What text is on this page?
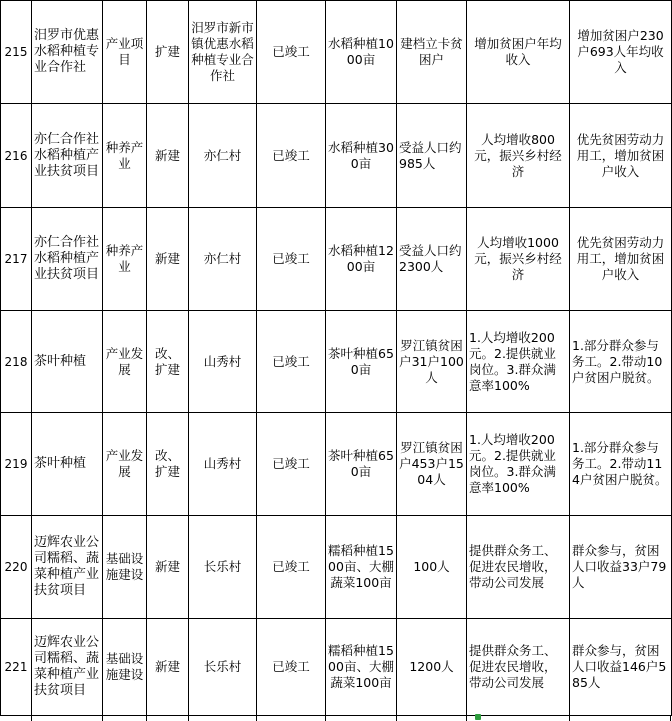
215	汨罗市优惠水稻种植专业合作社	产业项目	扩建	汨罗市新市镇优惠水稻种植专业合作社	已竣工	水稻种植1000亩	建档立卡贫困户	增加贫困户年均收入	增加贫困户230户693人年均收入
216	亦仁合作社水稻种植产业扶贫项目	种养产业	新建	亦仁村	已竣工	水稻种植300亩	受益人口约985人	人均增收800元，振兴乡村经济	优先贫困劳动力用工，增加贫困户收入
217	亦仁合作社水稻种植产业扶贫项目	种养产业	新建	亦仁村	已竣工	水稻种植1200亩	受益人口约2300人	人均增收1000元，振兴乡村经济	优先贫困劳动力用工，增加贫困户收入
218	茶叶种植	产业发展	改、扩建	山秀村	已竣工	茶叶种植650亩	罗江镇贫困户31户100人	1.人均增收200元。2.提供就业岗位。3.群众满意率100%	1.部分群众参与务工。2.带动10户贫困户脱贫。
219	茶叶种植	产业发展	改、扩建	山秀村	已竣工	茶叶种植650亩	罗江镇贫困户453户1504人	1.人均增收200元。2.提供就业岗位。3.群众满意率100%	1.部分群众参与务工。2.带动114户贫困户脱贫。
220	迈辉农业公司糯稻、蔬菜种植产业扶贫项目	基础设施建设	新建	长乐村	已竣工	糯稻种植1500亩、大棚蔬菜100亩	100人	提供群众务工、促进农民增收，带动公司发展	群众参与，贫困人口收益33户79人
221	迈辉农业公司糯稻、蔬菜种植产业扶贫项目	基础设施建设	新建	长乐村	已竣工	糯稻种植1500亩、大棚蔬菜100亩	1200人	提供群众务工、促进农民增收，带动公司发展	群众参与，贫困人口收益146户585人
